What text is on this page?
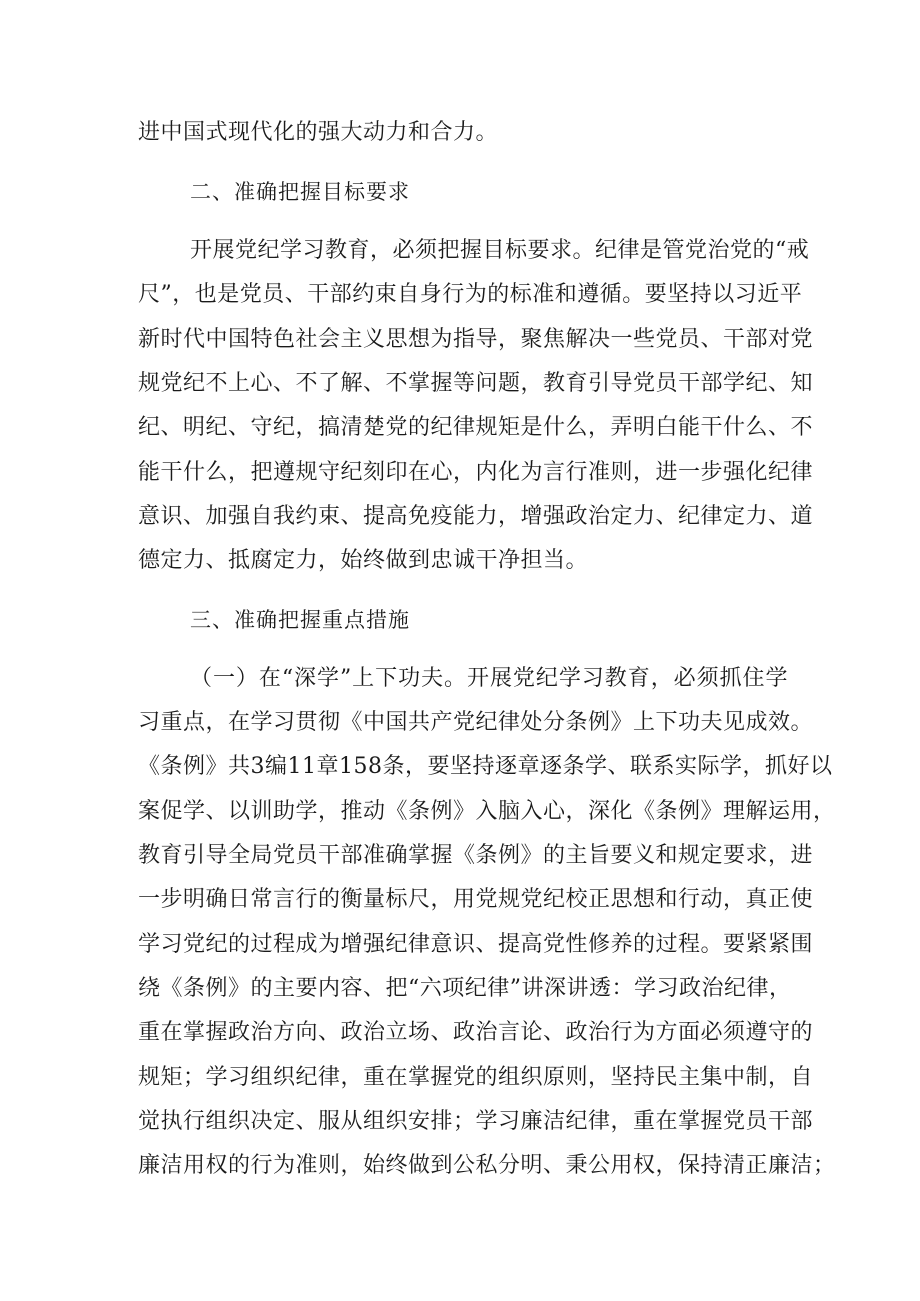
进中国式现代化的强大动力和合力。
二、准确把握目标要求
开展党纪学习教育，必须把握目标要求。纪律是管党治党的“戒
尺”，也是党员、干部约束自身行为的标准和遵循。要坚持以习近平
新时代中国特色社会主义思想为指导，聚焦解决一些党员、干部对党
规党纪不上心、不了解、不掌握等问题，教育引导党员干部学纪、知
纪、明纪、守纪，搞清楚党的纪律规矩是什么，弄明白能干什么、不
能干什么，把遵规守纪刻印在心，内化为言行准则，进一步强化纪律
意识、加强自我约束、提高免疫能力，增强政治定力、纪律定力、道
德定力、抵腐定力，始终做到忠诚干净担当。
三、准确把握重点措施
（一）在“深学”上下功夫。开展党纪学习教育，必须抓住学
习重点，在学习贯彻《中国共产党纪律处分条例》上下功夫见成效。
《条例》共3编11章158条，要坚持逐章逐条学、联系实际学，抓好以
案促学、以训助学，推动《条例》入脑入心，深化《条例》理解运用，
教育引导全局党员干部准确掌握《条例》的主旨要义和规定要求，进
一步明确日常言行的衡量标尺，用党规党纪校正思想和行动，真正使
学习党纪的过程成为增强纪律意识、提高党性修养的过程。要紧紧围
绕《条例》的主要内容、把“六项纪律”讲深讲透：学习政治纪律，
重在掌握政治方向、政治立场、政治言论、政治行为方面必须遵守的
规矩；学习组织纪律，重在掌握党的组织原则，坚持民主集中制，自
觉执行组织决定、服从组织安排；学习廉洁纪律，重在掌握党员干部
廉洁用权的行为准则，始终做到公私分明、秉公用权，保持清正廉洁；
